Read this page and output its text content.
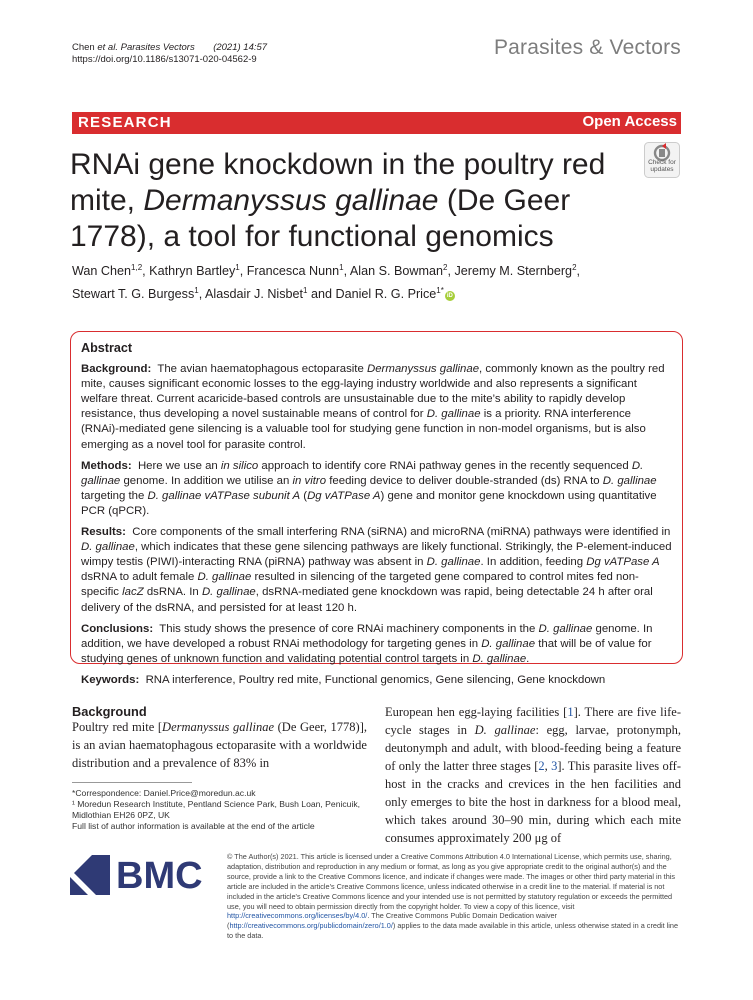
Chen et al. Parasites Vectors (2021) 14:57
https://doi.org/10.1186/s13071-020-04562-9
Parasites & Vectors
RESEARCH	Open Access
RNAi gene knockdown in the poultry red mite, Dermanyssus gallinae (De Geer 1778), a tool for functional genomics
Check for
updates
Wan Chen$^{1,2}$, Kathryn Bartley$^1$, Francesca Nunn$^1$, Alan S. Bowman$^2$, Jeremy M. Sternberg$^2$,
Stewart T. G. Burgess$^1$, Alasdair J. Nisbet$^1$ and Daniel R. G. Price$^{1*}$iD
Abstract

Background:  The avian haematophagous ectoparasite Dermanyssus gallinae, commonly known as the poultry red mite, causes significant economic losses to the egg-laying industry worldwide and also represents a significant welfare threat. Current acaricide-based controls are unsustainable due to the mite’s ability to rapidly develop resistance, thus developing a novel sustainable means of control for D. gallinae is a priority. RNA interference (RNAi)-mediated gene silencing is a valuable tool for studying gene function in non-model organisms, but is also emerging as a novel tool for parasite control.

Methods:  Here we use an in silico approach to identify core RNAi pathway genes in the recently sequenced D. gallinae genome. In addition we utilise an in vitro feeding device to deliver double-stranded (ds) RNA to D. gallinae targeting the D. gallinae vATPase subunit A (Dg vATPase A) gene and monitor gene knockdown using quantitative PCR (qPCR).

Results:  Core components of the small interfering RNA (siRNA) and microRNA (miRNA) pathways were identified in D. gallinae, which indicates that these gene silencing pathways are likely functional. Strikingly, the P-element-induced wimpy testis (PIWI)-interacting RNA (piRNA) pathway was absent in D. gallinae. In addition, feeding Dg vATPase A dsRNA to adult female D. gallinae resulted in silencing of the targeted gene compared to control mites fed non-specific lacZ dsRNA. In D. gallinae, dsRNA-mediated gene knockdown was rapid, being detectable 24 h after oral delivery of the dsRNA, and persisted for at least 120 h.

Conclusions:  This study shows the presence of core RNAi machinery components in the D. gallinae genome. In addition, we have developed a robust RNAi methodology for targeting genes in D. gallinae that will be of value for studying genes of unknown function and validating potential control targets in D. gallinae.

Keywords: RNA interference, Poultry red mite, Functional genomics, Gene silencing, Gene knockdown

Background
Poultry red mite [Dermanyssus gallinae (De Geer, 1778)], is an avian haematophagous ectoparasite with a worldwide distribution and a prevalence of 83% in
European hen egg-laying facilities [1]. There are five life-cycle stages in D. gallinae: egg, larvae, protonymph, deutonymph and adult, with blood-feeding being a feature of only the latter three stages [2, 3]. This parasite lives off-host in the cracks and crevices in the hen facilities and only emerges to bite the host in darkness for a blood meal, which takes around 30–90 min, during which each mite consumes approximately 200 μg of
*Correspondence: Daniel.Price@moredun.ac.uk
¹ Moredun Research Institute, Pentland Science Park, Bush Loan, Penicuik, Midlothian EH26 0PZ, UK
Full list of author information is available at the end of the article
BMC	© The Author(s) 2021. This article is licensed under a Creative Commons Attribution 4.0 International License, which permits use, sharing, adaptation, distribution and reproduction in any medium or format, as long as you give appropriate credit to the original author(s) and the source, provide a link to the Creative Commons licence, and indicate if changes were made. The images or other third party material in this article are included in the article's Creative Commons licence, unless indicated otherwise in a credit line to the material. If material is not included in the article's Creative Commons licence and your intended use is not permitted by statutory regulation or exceeds the permitted use, you will need to obtain permission directly from the copyright holder. To view a copy of this licence, visit http://creativecommons.org/licenses/by/4.0/. The Creative Commons Public Domain Dedication waiver (http://creativecommons.org/publicdomain/zero/1.0/) applies to the data made available in this article, unless otherwise stated in a credit line to the data.
